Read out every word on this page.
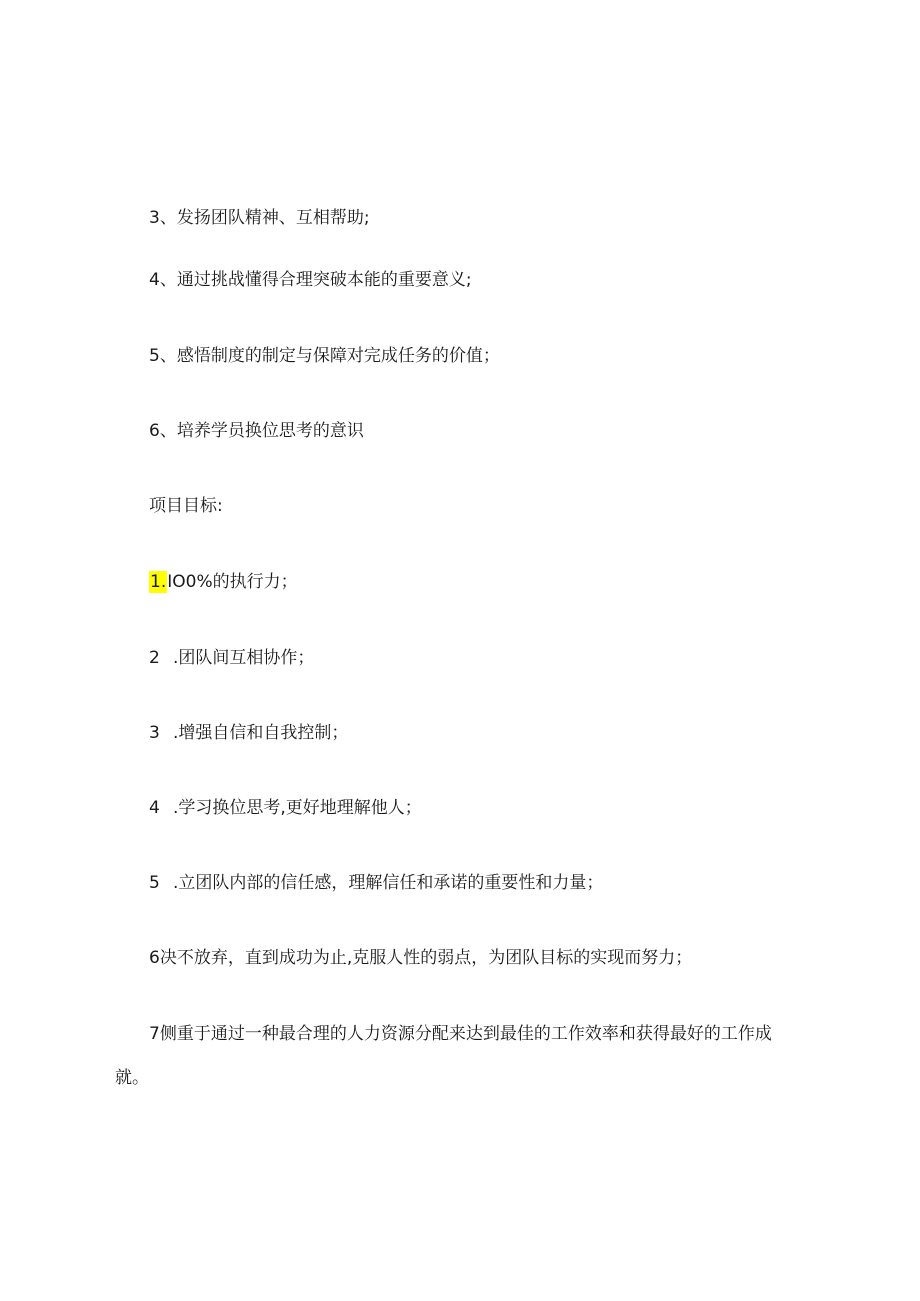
3、发扬团队精神、互相帮助;
4、通过挑战懂得合理突破本能的重要意义;
5、感悟制度的制定与保障对完成任务的价值；
6、培养学员换位思考的意识
项目目标:
1.IO0%的执行力；
2 .团队间互相协作；
3 .增强自信和自我控制；
4 .学习换位思考,更好地理解他人；
5 .立团队内部的信任感，理解信任和承诺的重要性和力量；
6决不放弃，直到成功为止,克服人性的弱点，为团队目标的实现而努力；
7侧重于通过一种最合理的人力资源分配来达到最佳的工作效率和获得最好的工作成
就。
